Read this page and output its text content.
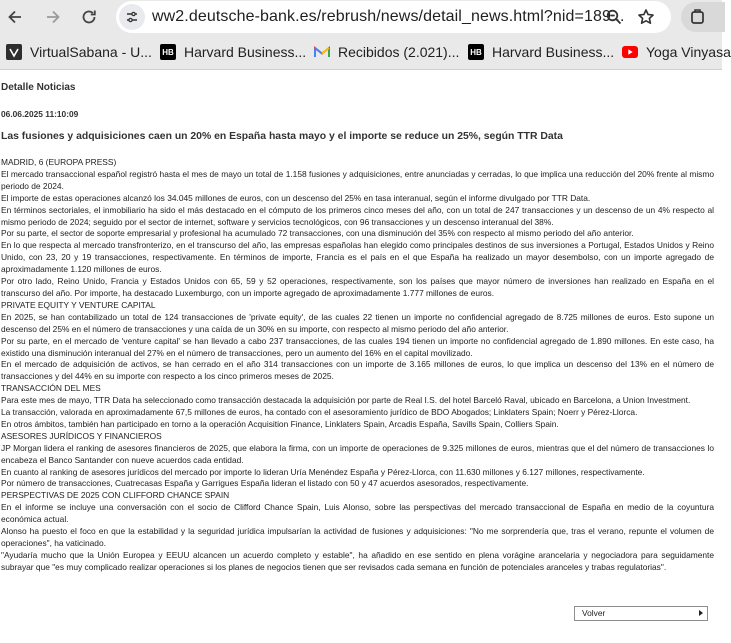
ww2.deutsche-bank.es/rebrush/news/detail_news.html?nid=189...
VirtualSabana - U... HB Harvard Business... Recibidos (2.021)... HB Harvard Business... Yoga Vinyasa
Detalle Noticias
06.06.2025 11:10:09
Las fusiones y adquisiciones caen un 20% en España hasta mayo y el importe se reduce un 25%, según TTR Data

MADRID, 6 (EUROPA PRESS)

El mercado transaccional español registró hasta el mes de mayo un total de 1.158 fusiones y adquisiciones, entre anunciadas y cerradas, lo que implica una reducción del 20% frente al mismo periodo de 2024.

El importe de estas operaciones alcanzó los 34.045 millones de euros, con un descenso del 25% en tasa interanual, según el informe divulgado por TTR Data.

En términos sectoriales, el inmobiliario ha sido el más destacado en el cómputo de los primeros cinco meses del año, con un total de 247 transacciones y un descenso de un 4% respecto al mismo periodo de 2024; seguido por el sector de internet, software y servicios tecnológicos, con 96 transacciones y un descenso interanual del 38%.

Por su parte, el sector de soporte empresarial y profesional ha acumulado 72 transacciones, con una disminución del 35% con respecto al mismo periodo del año anterior.

En lo que respecta al mercado transfronterizo, en el transcurso del año, las empresas españolas han elegido como principales destinos de sus inversiones a Portugal, Estados Unidos y Reino Unido, con 23, 20 y 19 transacciones, respectivamente. En términos de importe, Francia es el país en el que España ha realizado un mayor desembolso, con un importe agregado de aproximadamente 1.120 millones de euros.

Por otro lado, Reino Unido, Francia y Estados Unidos con 65, 59 y 52 operaciones, respectivamente, son los países que mayor número de inversiones han realizado en España en el transcurso del año. Por importe, ha destacado Luxemburgo, con un importe agregado de aproximadamente 1.777 millones de euros.

PRIVATE EQUITY Y VENTURE CAPITAL

En 2025, se han contabilizado un total de 124 transacciones de 'private equity', de las cuales 22 tienen un importe no confidencial agregado de 8.725 millones de euros. Esto supone un descenso del 25% en el número de transacciones y una caída de un 30% en su importe, con respecto al mismo periodo del año anterior.

Por su parte, en el mercado de 'venture capital' se han llevado a cabo 237 transacciones, de las cuales 194 tienen un importe no confidencial agregado de 1.890 millones. En este caso, ha existido una disminución interanual del 27% en el número de transacciones, pero un aumento del 16% en el capital movilizado.

En el mercado de adquisición de activos, se han cerrado en el año 314 transacciones con un importe de 3.165 millones de euros, lo que implica un descenso del 13% en el número de transacciones y del 44% en su importe con respecto a los cinco primeros meses de 2025.

TRANSACCIÓN DEL MES

Para este mes de mayo, TTR Data ha seleccionado como transacción destacada la adquisición por parte de Real I.S. del hotel Barceló Raval, ubicado en Barcelona, a Union Investment.

La transacción, valorada en aproximadamente 67,5 millones de euros, ha contado con el asesoramiento jurídico de BDO Abogados; Linklaters Spain; Noerr y Pérez-Llorca.

En otros ámbitos, también han participado en torno a la operación Acquisition Finance, Linklaters Spain, Arcadis España, Savills Spain, Colliers Spain.

ASESORES JURÍDICOS Y FINANCIEROS

JP Morgan lidera el ranking de asesores financieros de 2025, que elabora la firma, con un importe de operaciones de 9.325 millones de euros, mientras que el del número de transacciones lo encabeza el Banco Santander con nueve acuerdos cada entidad.

En cuanto al ranking de asesores jurídicos del mercado por importe lo lideran Uría Menéndez España y Pérez-Llorca, con 11.630 millones y 6.127 millones, respectivamente.

Por número de transacciones, Cuatrecasas España y Garrigues España lideran el listado con 50 y 47 acuerdos asesorados, respectivamente.

PERSPECTIVAS DE 2025 CON CLIFFORD CHANCE SPAIN

En el informe se incluye una conversación con el socio de Clifford Chance Spain, Luis Alonso, sobre las perspectivas del mercado transaccional de España en medio de la coyuntura económica actual.

Alonso ha puesto el foco en que la estabilidad y la seguridad jurídica impulsarían la actividad de fusiones y adquisiciones: "No me sorprendería que, tras el verano, repunte el volumen de operaciones", ha vaticinado.

"Ayudaría mucho que la Unión Europea y EEUU alcancen un acuerdo completo y estable", ha añadido en ese sentido en plena vorágine arancelaria y negociadora para seguidamente subrayar que "es muy complicado realizar operaciones si los planes de negocios tienen que ser revisados cada semana en función de potenciales aranceles y trabas regulatorias".

Volver
